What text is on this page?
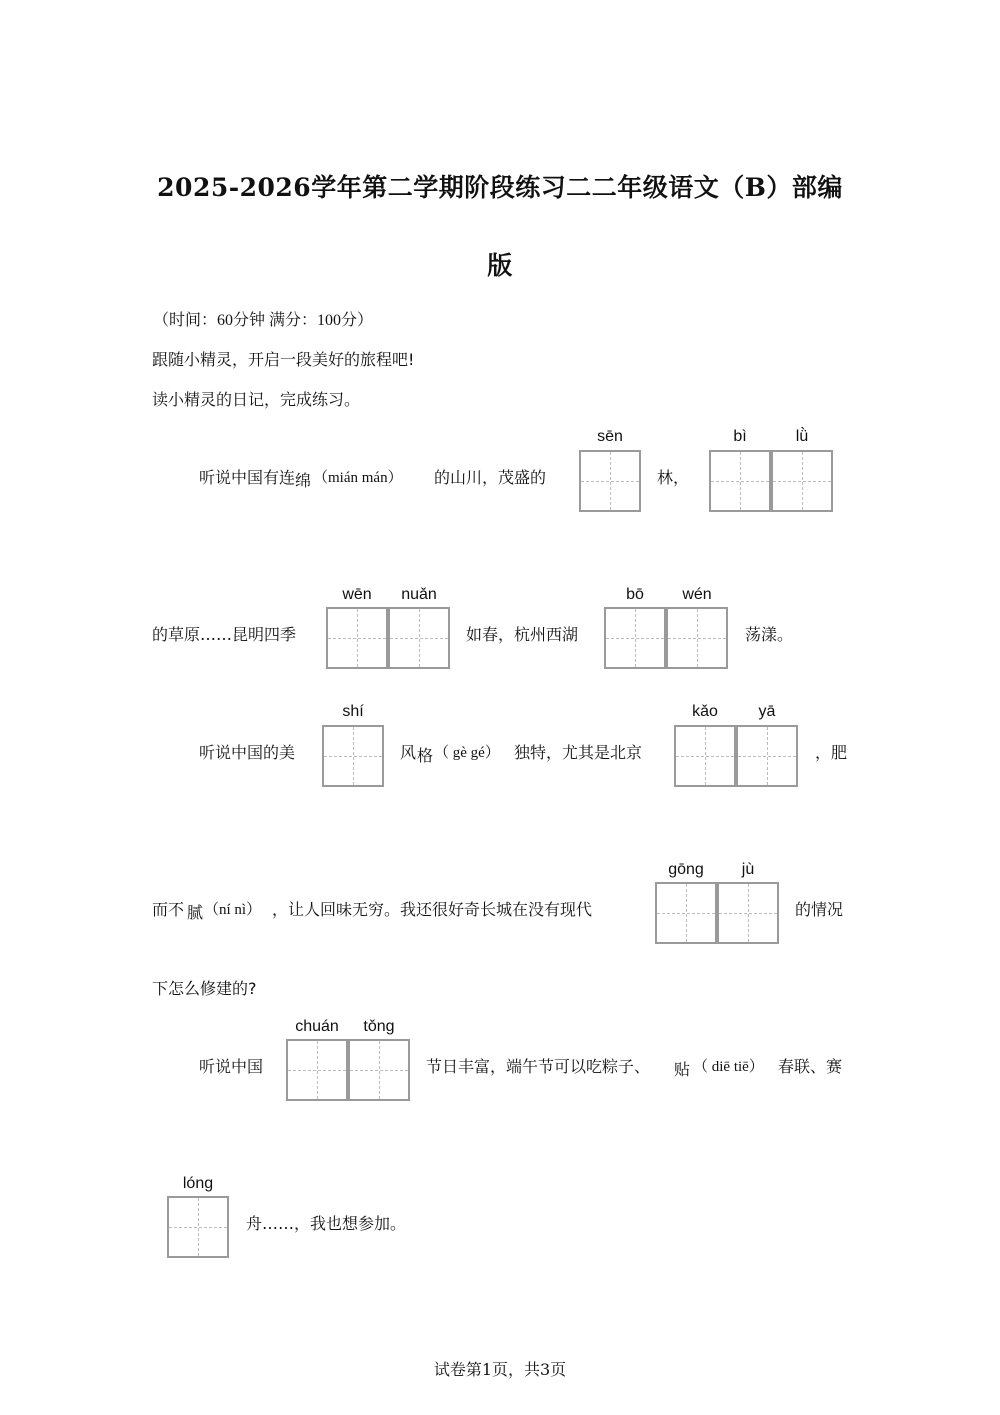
2025-2026学年第二学期阶段练习二二年级语文（B）部编
版
（时间：60分钟 满分：100分）
跟随小精灵，开启一段美好的旅程吧!
读小精灵的日记，完成练习。
听说中国有连 绵 （mián mán） 的山川，茂盛的
sēn
林，
bì	lǜ
的草原……昆明四季
wēn	nuǎn
如春，杭州西湖
bō	wén
荡漾。
听说中国的美
shí
风 格 （ gè gé） 独特，尤其是北京
kǎo	yā
，肥
而不 腻 （ní nì） ，让人回味无穷。我还很好奇长城在没有现代
gōng	jù
的情况
下怎么修建的?
听说中国
chuán	tǒng
节日丰富，端午节可以吃粽子、 贴 （ diē tiē） 春联、赛
lóng
舟……，我也想参加。
试卷第1页，共3页
